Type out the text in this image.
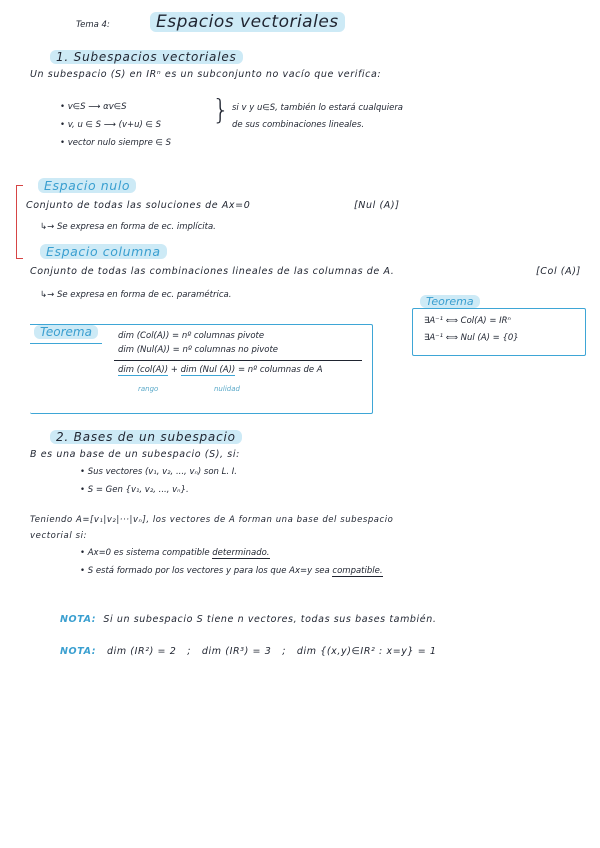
Tema 4:	Espacios vectoriales
1. Subespacios vectoriales
Un subespacio (S) en IRⁿ es un subconjunto no vacío que verifica:
• v∈S ⟶ αv∈S
• v, u ∈ S ⟶ (v+u) ∈ S
• vector nulo siempre ∈ S
} si v y u∈S, también lo estará cualquiera
de sus combinaciones lineales.
Espacio nulo
Conjunto de todas las soluciones de Ax=0	[Nul (A)]
↳→ Se expresa en forma de ec. implícita.
Espacio columna
Conjunto de todas las combinaciones lineales de las columnas de A.	[Col (A)]
↳→ Se expresa en forma de ec. paramétrica.	Teorema
∃A⁻¹ ⟺ Col(A) = IRⁿ
∃A⁻¹ ⟺ Nul (A) = {0}
Teorema	dim (Col(A)) = nº columnas pivote
dim (Nul(A)) = nº columnas no pivote
dim (col(A)) + dim (Nul (A)) = nº columnas de A
rango	nulidad
2. Bases de un subespacio
B es una base de un subespacio (S), si:
• Sus vectores (v₁, v₂, ..., vₙ) son L. I.
• S = Gen {v₁, v₂, ..., vₙ}.
Teniendo A=[v₁|v₂|···|vₙ], los vectores de A forman una base del subespacio
vectorial si:
• Ax=0 es sistema compatible determinado.
• S está formado por los vectores y para los que Ax=y sea compatible.
NOTA: Si un subespacio S tiene n vectores, todas sus bases también.
NOTA: dim (IR²) = 2 ; dim (IR³) = 3 ; dim {(x,y)∈IR² : x=y} = 1
